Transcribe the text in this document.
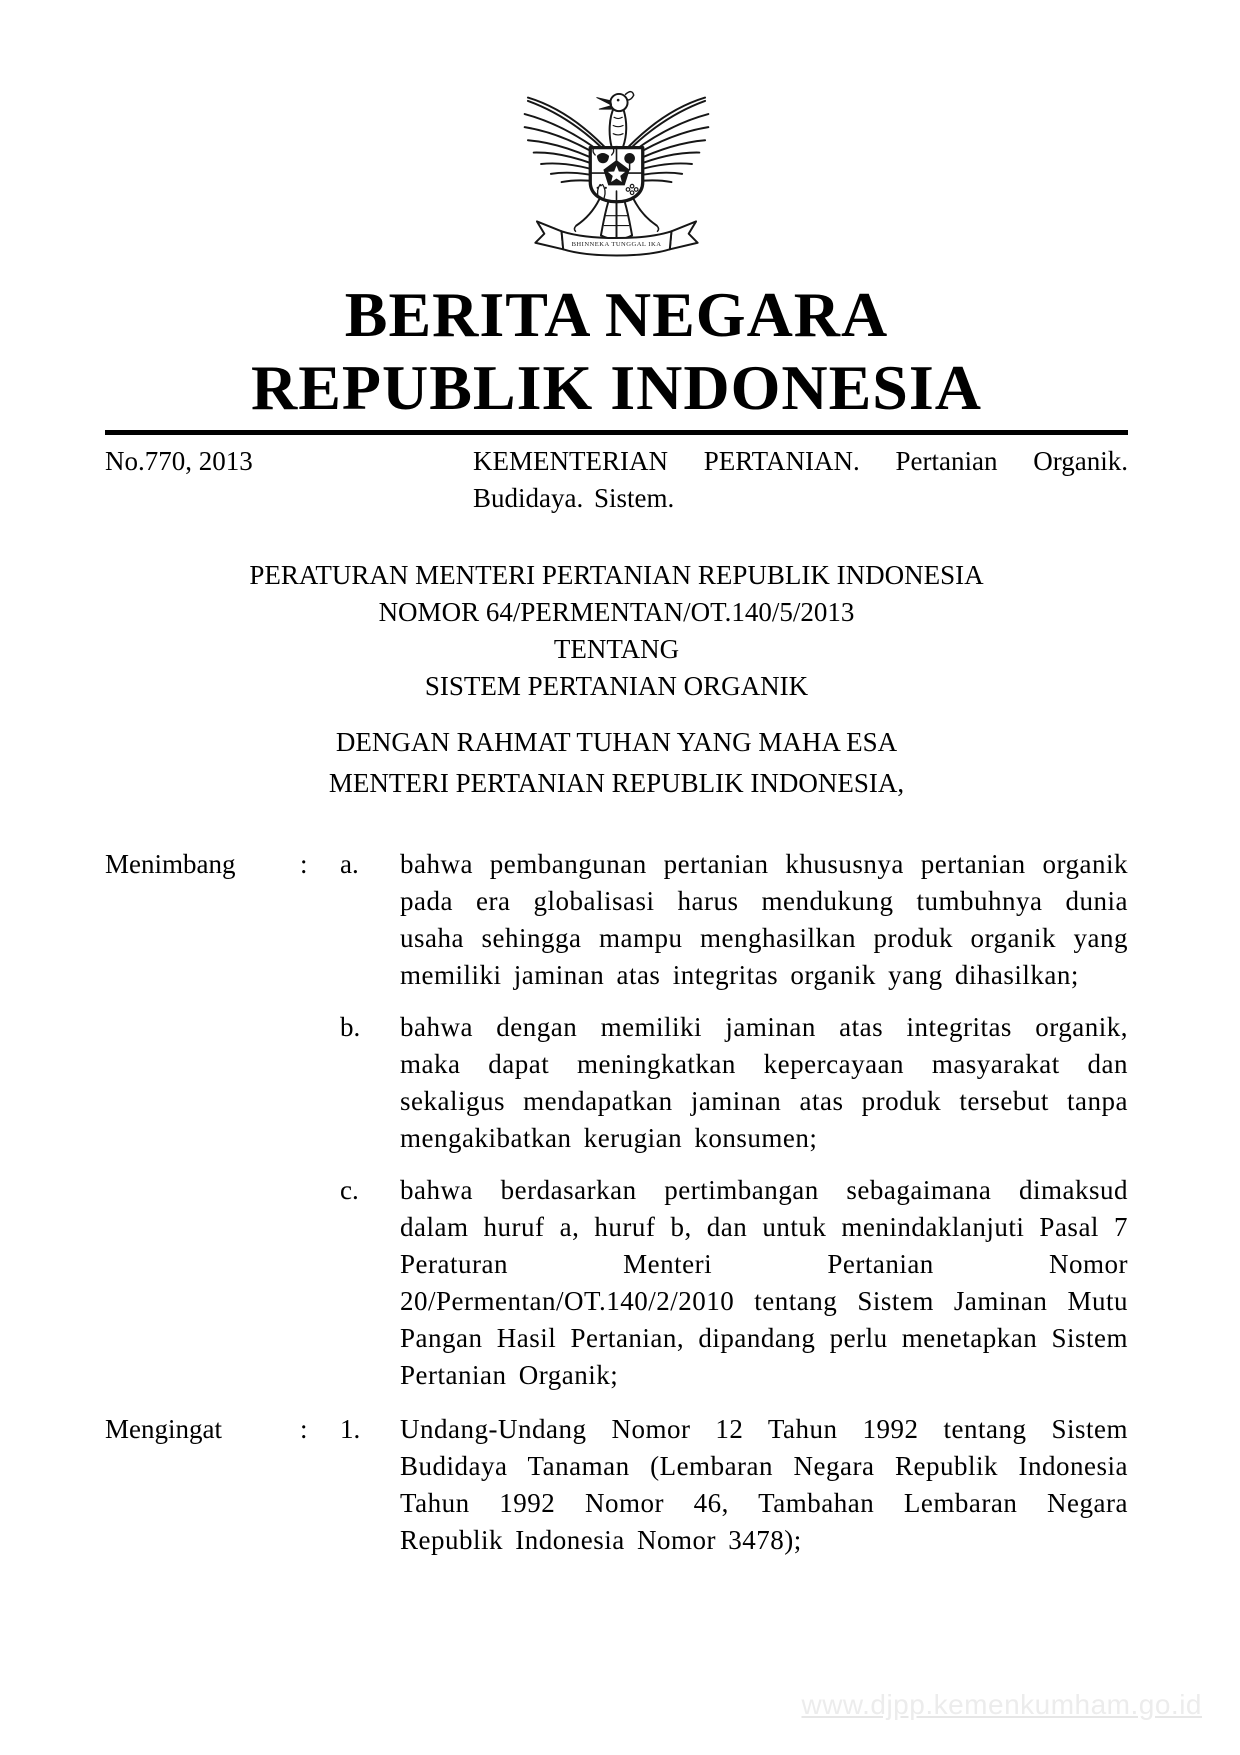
BHINNEKA TUNGGAL IKA
BERITA NEGARA
REPUBLIK INDONESIA
No.770, 2013	KEMENTERIAN PERTANIAN. Pertanian Organik. Budidaya. Sistem.
PERATURAN MENTERI PERTANIAN REPUBLIK INDONESIA
NOMOR 64/PERMENTAN/OT.140/5/2013
TENTANG
SISTEM PERTANIAN ORGANIK
DENGAN RAHMAT TUHAN YANG MAHA ESA
MENTERI PERTANIAN REPUBLIK INDONESIA,
Menimbang	:	a.	bahwa pembangunan pertanian khususnya pertanian organik pada era globalisasi harus mendukung tumbuhnya dunia usaha sehingga mampu menghasilkan produk organik yang memiliki jaminan atas integritas organik yang dihasilkan;
b.	bahwa dengan memiliki jaminan atas integritas organik, maka dapat meningkatkan kepercayaan masyarakat dan sekaligus mendapatkan jaminan atas produk tersebut tanpa mengakibatkan kerugian konsumen;
c.	bahwa berdasarkan pertimbangan sebagaimana dimaksud dalam huruf a, huruf b, dan untuk menindaklanjuti Pasal 7 Peraturan Menteri Pertanian Nomor 20/Permentan/OT.140/2/2010 tentang Sistem Jaminan Mutu Pangan Hasil Pertanian, dipandang perlu menetapkan Sistem Pertanian Organik;
Mengingat	:	1.	Undang-Undang Nomor 12 Tahun 1992 tentang Sistem Budidaya Tanaman (Lembaran Negara Republik Indonesia Tahun 1992 Nomor 46, Tambahan Lembaran Negara Republik Indonesia Nomor 3478);
www.djpp.kemenkumham.go.id
